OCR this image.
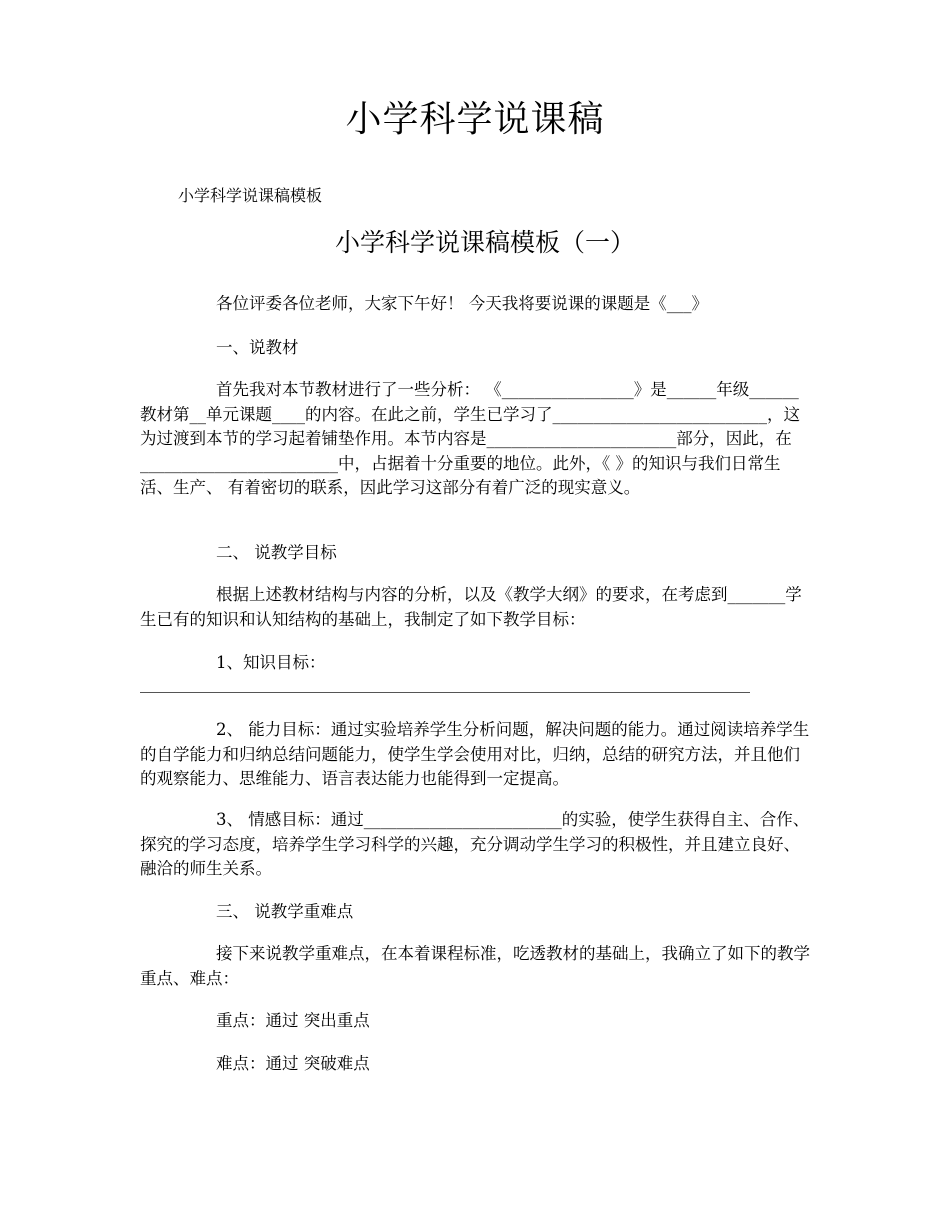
小学科学说课稿
小学科学说课稿模板
小学科学说课稿模板（一）
各位评委各位老师，大家下午好！ 今天我将要说课的课题是《___》
一、说教材
首先我对本节教材进行了一些分析： 《________________》是______年级______教材第__单元课题____的内容。在此之前，学生已学习了__________________________，这为过渡到本节的学习起着铺垫作用。本节内容是_______________________部分，因此，在________________________中，占据着十分重要的地位。此外，《 》的知识与我们日常生活、生产、 有着密切的联系，因此学习这部分有着广泛的现实意义。
二、 说教学目标
根据上述教材结构与内容的分析，以及《教学大纲》的要求，在考虑到_______学生已有的知识和认知结构的基础上，我制定了如下教学目标：
1、知识目标：
2、 能力目标：通过实验培养学生分析问题，解决问题的能力。通过阅读培养学生的自学能力和归纳总结问题能力，使学生学会使用对比，归纳，总结的研究方法，并且他们的观察能力、思维能力、语言表达能力也能得到一定提高。
3、 情感目标：通过________________________的实验，使学生获得自主、合作、探究的学习态度，培养学生学习科学的兴趣，充分调动学生学习的积极性，并且建立良好、融洽的师生关系。
三、 说教学重难点
接下来说教学重难点，在本着课程标准，吃透教材的基础上，我确立了如下的教学重点、难点：
重点：通过 突出重点
难点：通过 突破难点
